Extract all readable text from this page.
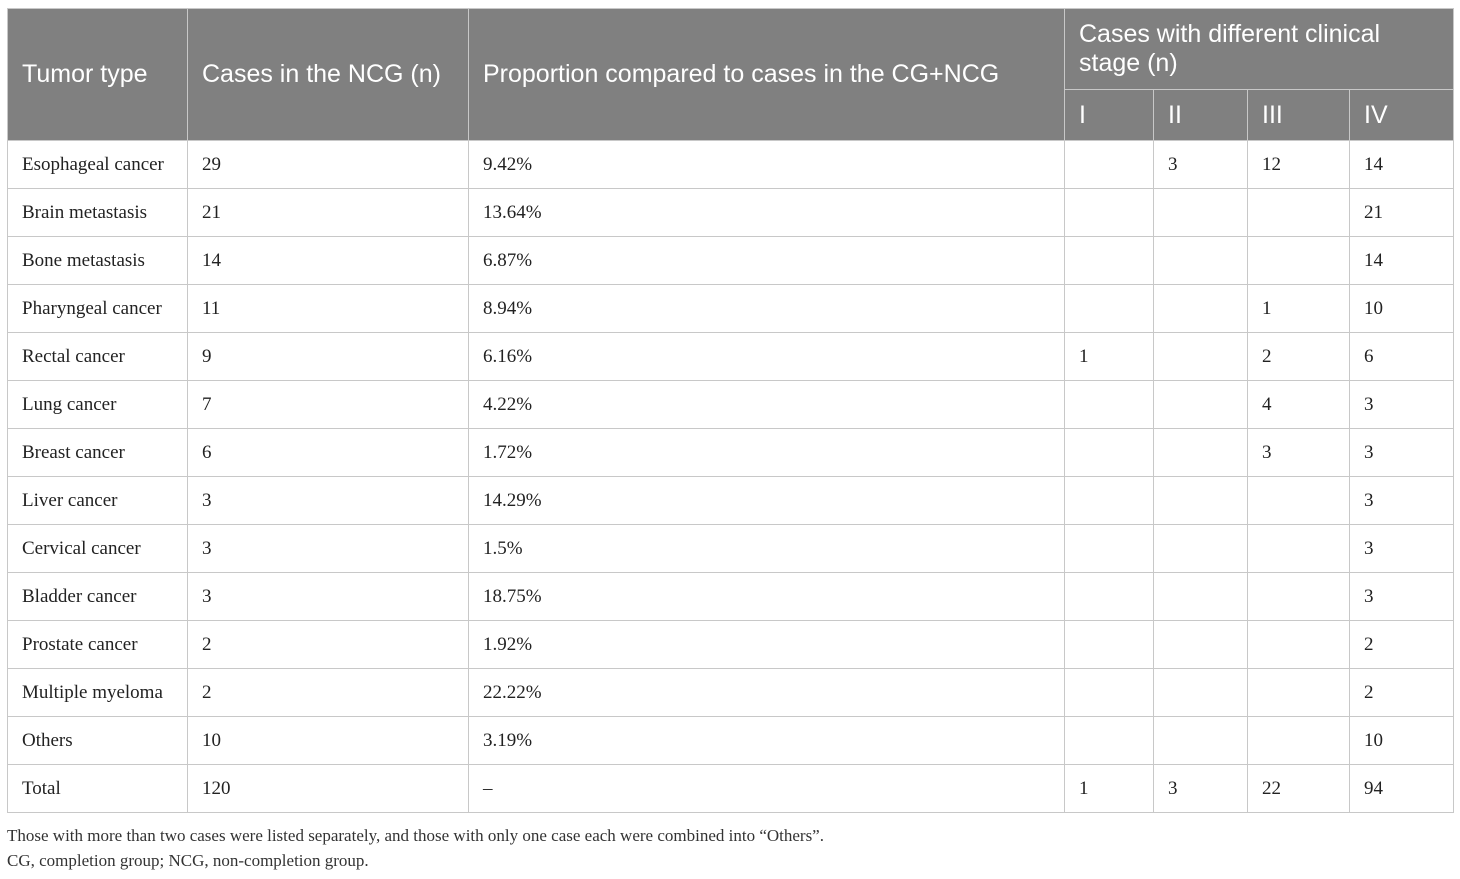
Tumor type	Cases in the NCG (n)	Proportion compared to cases in the CG+NCG	Cases with different clinical stage (n)			
			I	II	III	IV
Esophageal cancer	29	9.42%		3	12	14
Brain metastasis	21	13.64%				21
Bone metastasis	14	6.87%				14
Pharyngeal cancer	11	8.94%			1	10
Rectal cancer	9	6.16%	1		2	6
Lung cancer	7	4.22%			4	3
Breast cancer	6	1.72%			3	3
Liver cancer	3	14.29%				3
Cervical cancer	3	1.5%				3
Bladder cancer	3	18.75%				3
Prostate cancer	2	1.92%				2
Multiple myeloma	2	22.22%				2
Others	10	3.19%				10
Total	120	–	1	3	22	94
Those with more than two cases were listed separately, and those with only one case each were combined into “Others”.
CG, completion group; NCG, non-completion group.
